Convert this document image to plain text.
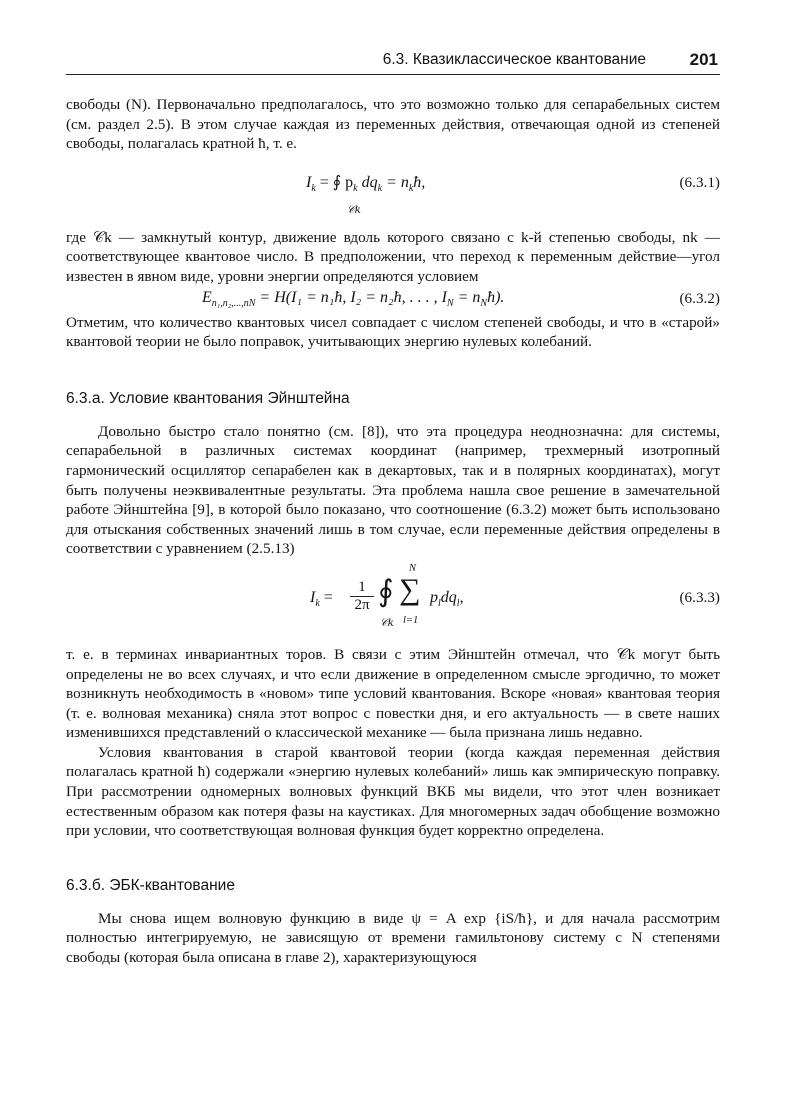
6.3. Квазиклассическое квантование	201

свободы (N). Первоначально предполагалось, что это возможно только для сепарабельных систем (см. раздел 2.5). В этом случае каждая из переменных действия, отвечающая одной из степеней свободы, полагалась кратной ħ, т. е.

$I_k$ = ∮ $p_k$ $dq_k$ = $n_kħ$,
𝒞k
(6.3.1)

где 𝒞k — замкнутый контур, движение вдоль которого связано с k-й степенью свободы, nk — соответствующее квантовое число. В предположении, что переход к переменным действие—угол известен в явном виде, уровни энергии определяются условием

$E_{n_1,n_2,...,nN} = H(I_1$ = n₁ħ, I₂ = n₂ħ, . . . , $I_N$ = $n_Nħ$).	(6.3.2)

Отметим, что количество квантовых чисел совпадает с числом степеней свободы, и что в «старой» квантовой теории не было поправок, учитывающих энергию нулевых колебаний.

6.3.а. Условие квантования Эйнштейна

Довольно быстро стало понятно (см. [8]), что эта процедура неоднозначна: для системы, сепарабельной в различных системах координат (например, трехмерный изотропный гармонический осциллятор сепарабелен как в декартовых, так и в полярных координатах), могут быть получены неэквивалентные результаты. Эта проблема нашла свое решение в замечательной работе Эйнштейна [9], в которой было показано, что соотношение (6.3.2) может быть использовано для отыскания собственных значений лишь в том случае, если переменные действия определены в соответствии с уравнением (2.5.13)

$I_k = \frac{1}{2\pi}$ ∮
𝒞k
N
∑
l=1
$p_ldq_l$,	(6.3.3)

т. е. в терминах инвариантных торов. В связи с этим Эйнштейн отмечал, что 𝒞k могут быть определены не во всех случаях, и что если движение в определенном смысле эргодично, то может возникнуть необходимость в «новом» типе условий квантования. Вскоре «новая» квантовая теория (т. е. волновая механика) сняла этот вопрос с повестки дня, и его актуальность — в свете наших изменившихся представлений о классической механике — была признана лишь недавно.

Условия квантования в старой квантовой теории (когда каждая переменная действия полагалась кратной ħ) содержали «энергию нулевых колебаний» лишь как эмпирическую поправку. При рассмотрении одномерных волновых функций ВКБ мы видели, что этот член возникает естественным образом как потеря фазы на каустиках. Для многомерных задач обобщение возможно при условии, что соответствующая волновая функция будет корректно определена.

6.3.б. ЭБК-квантование

Мы снова ищем волновую функцию в виде ψ = A exp {iS/ħ}, и для начала рассмотрим полностью интегрируемую, не зависящую от времени гамильтонову систему с N степенями свободы (которая была описана в главе 2), характеризующуюся
